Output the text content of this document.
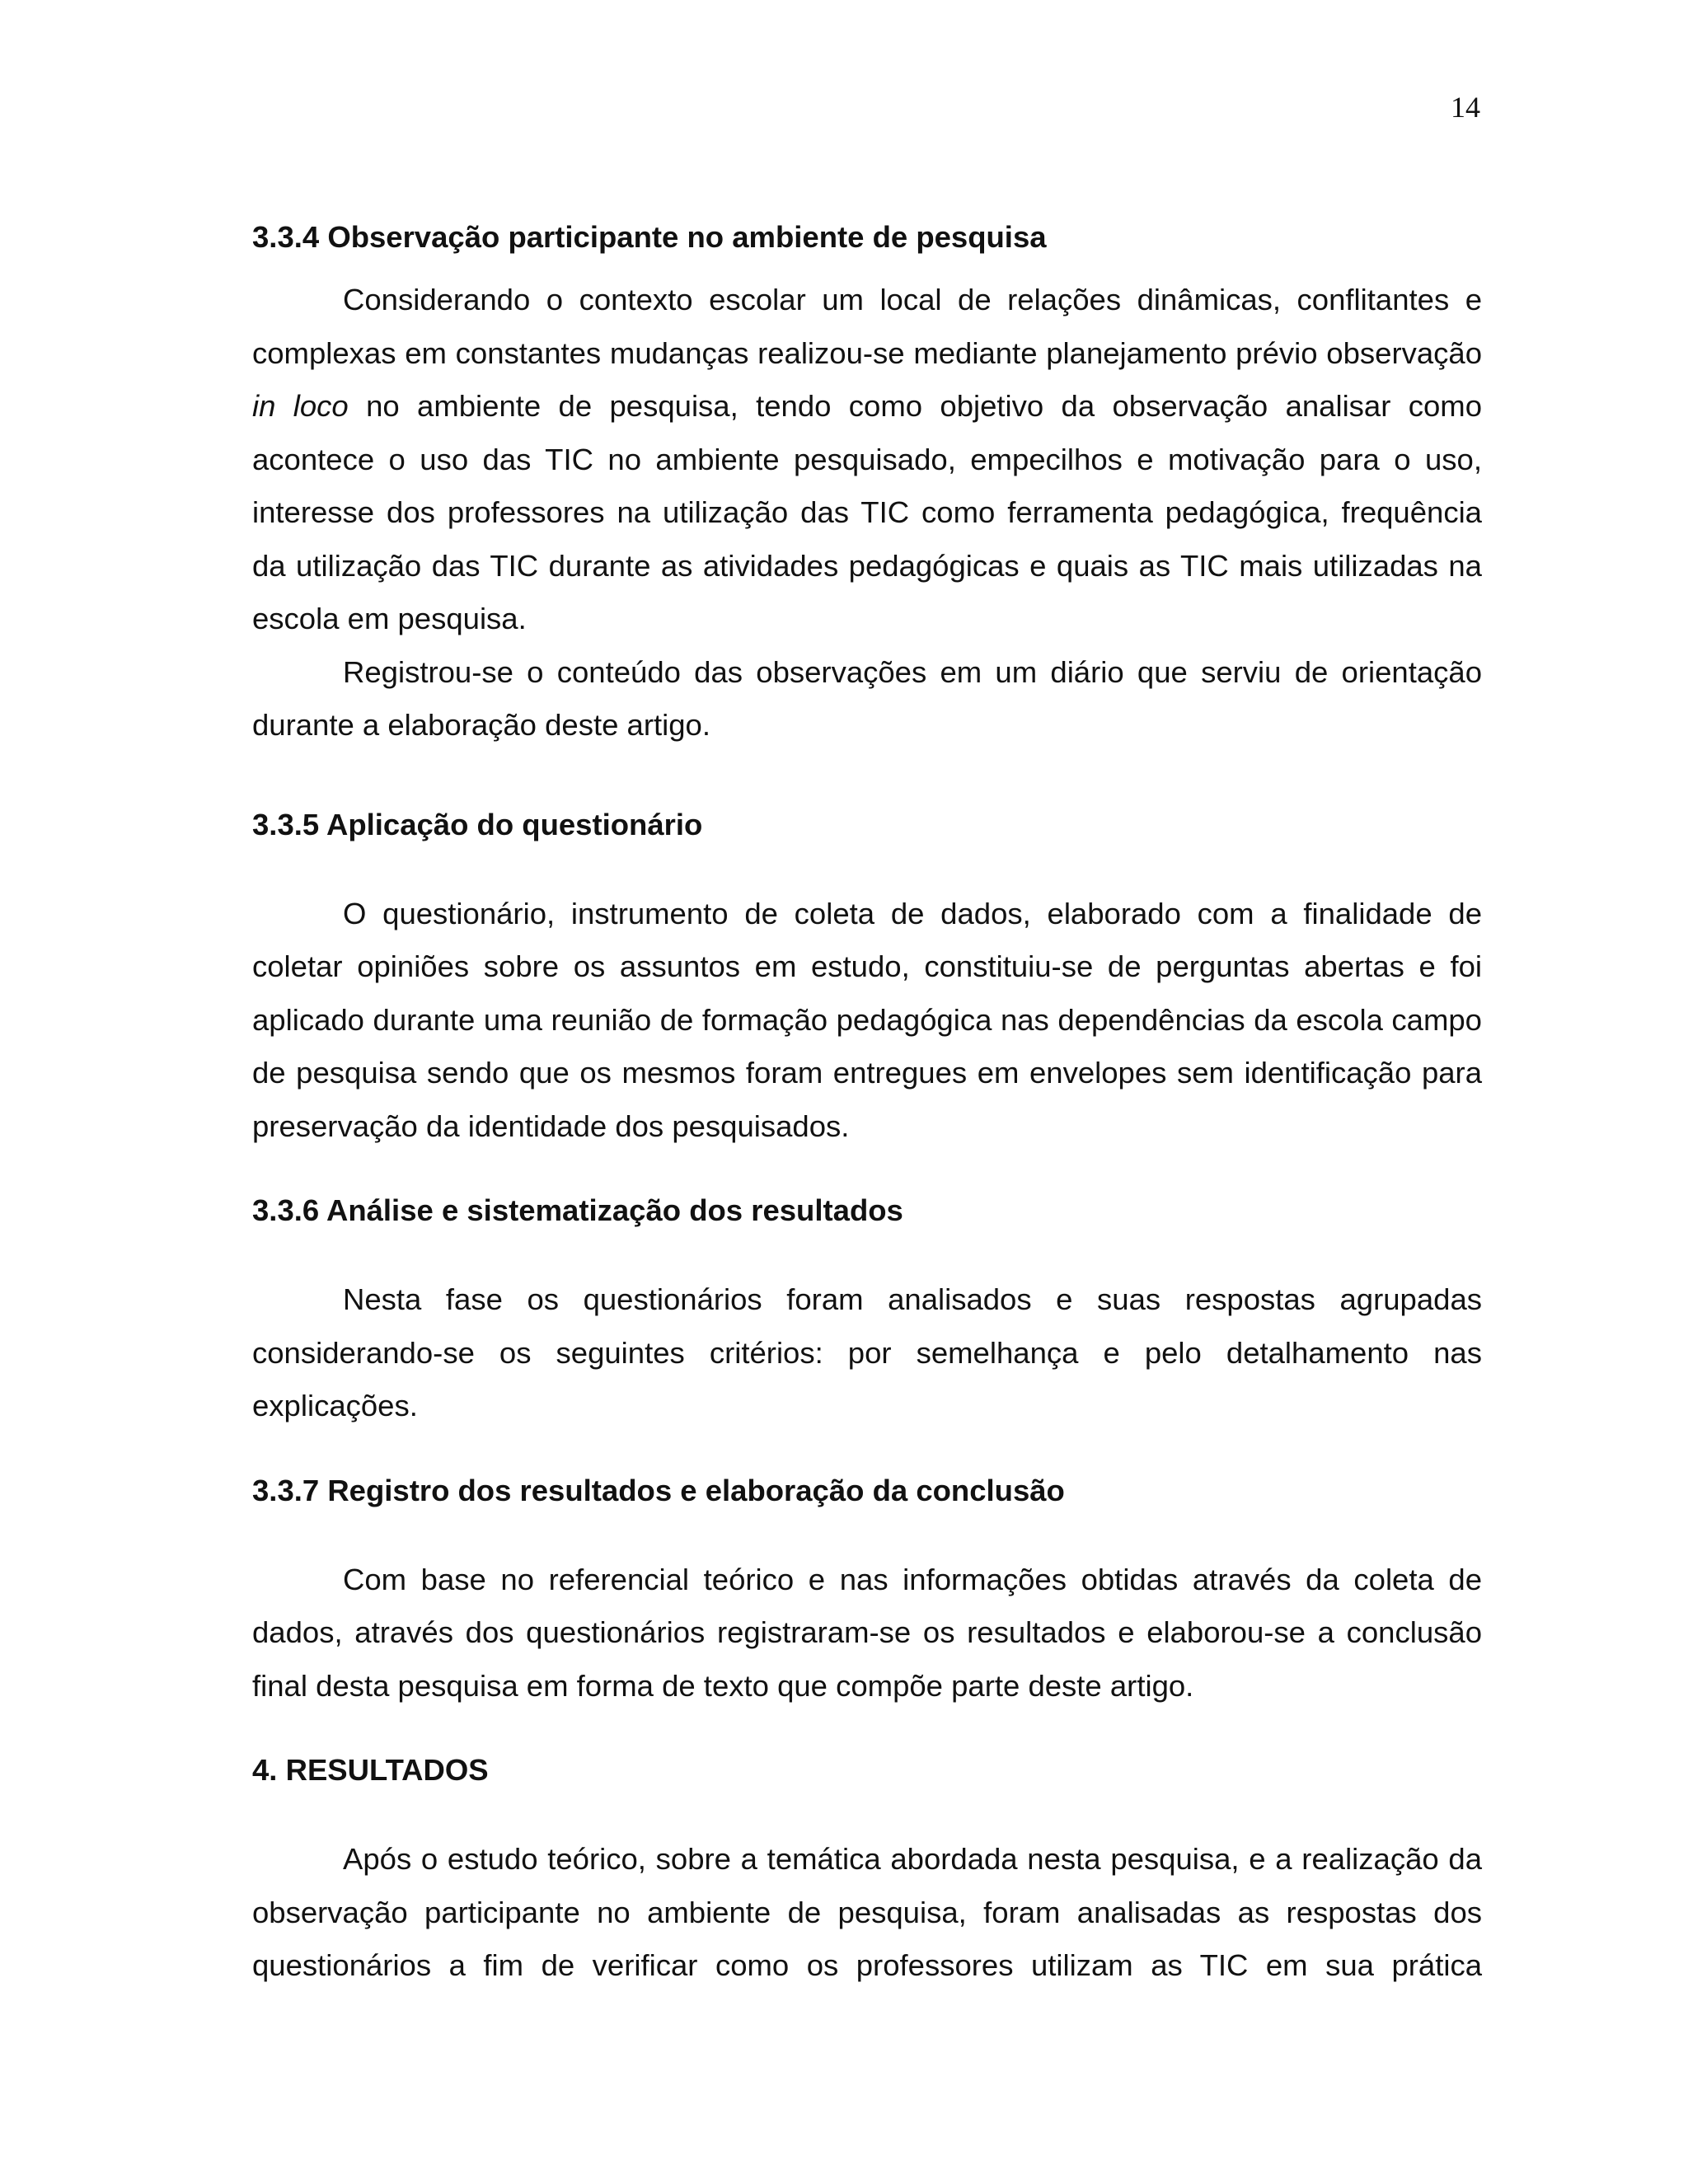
14
3.3.4 Observação participante no ambiente de pesquisa

Considerando o contexto escolar um local de relações dinâmicas, conflitantes e complexas em constantes mudanças realizou-se mediante planejamento prévio observação in loco no ambiente de pesquisa, tendo como objetivo da observação analisar como acontece o uso das TIC no ambiente pesquisado, empecilhos e motivação para o uso, interesse dos professores na utilização das TIC como ferramenta pedagógica, frequência da utilização das TIC durante as atividades pedagógicas e quais as TIC mais utilizadas na escola em pesquisa.

Registrou-se o conteúdo das observações em um diário que serviu de orientação durante a elaboração deste artigo.

3.3.5 Aplicação do questionário

O questionário, instrumento de coleta de dados, elaborado com a finalidade de coletar opiniões sobre os assuntos em estudo, constituiu-se de perguntas abertas e foi aplicado durante uma reunião de formação pedagógica nas dependências da escola campo de pesquisa sendo que os mesmos foram entregues em envelopes sem identificação para preservação da identidade dos pesquisados.

3.3.6 Análise e sistematização dos resultados

Nesta fase os questionários foram analisados e suas respostas agrupadas considerando-se os seguintes critérios: por semelhança e pelo detalhamento nas explicações.

3.3.7 Registro dos resultados e elaboração da conclusão

Com base no referencial teórico e nas informações obtidas através da coleta de dados, através dos questionários registraram-se os resultados e elaborou-se a conclusão final desta pesquisa em forma de texto que compõe parte deste artigo.

4. RESULTADOS

Após o estudo teórico, sobre a temática abordada nesta pesquisa, e a realização da observação participante no ambiente de pesquisa, foram analisadas as respostas dos questionários a fim de verificar como os professores utilizam as TIC em sua prática
